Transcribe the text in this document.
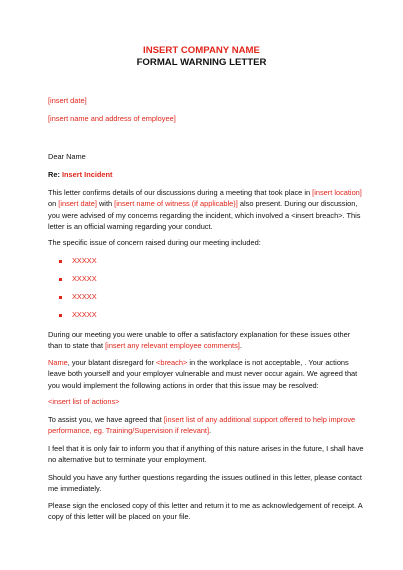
INSERT COMPANY NAME
FORMAL WARNING LETTER
[insert date]
[insert name and address of employee]
Dear Name
Re: Insert Incident
This letter confirms details of our discussions during a meeting that took place in [insert location] on [insert date] with [insert name of witness (if applicable)] also present. During our discussion, you were advised of my concerns regarding the incident, which involved a <insert breach>. This letter is an official warning regarding your conduct.
The specific issue of concern raised during our meeting included:
XXXXX
XXXXX
XXXXX
XXXXX
During our meeting you were unable to offer a satisfactory explanation for these issues other than to state that [insert any relevant employee comments].
Name, your blatant disregard for <breach> in the workplace is not acceptable, . Your actions leave both yourself and your employer vulnerable and must never occur again. We agreed that you would implement the following actions in order that this issue may be resolved:
<insert list of actions>
To assist you, we have agreed that [insert list of any additional support offered to help improve performance, eg. Training/Supervision if relevant].
I feel that it is only fair to inform you that if anything of this nature arises in the future, I shall have no alternative but to terminate your employment.
Should you have any further questions regarding the issues outlined in this letter, please contact me immediately.
Please sign the enclosed copy of this letter and return it to me as acknowledgement of receipt. A copy of this letter will be placed on your file.
